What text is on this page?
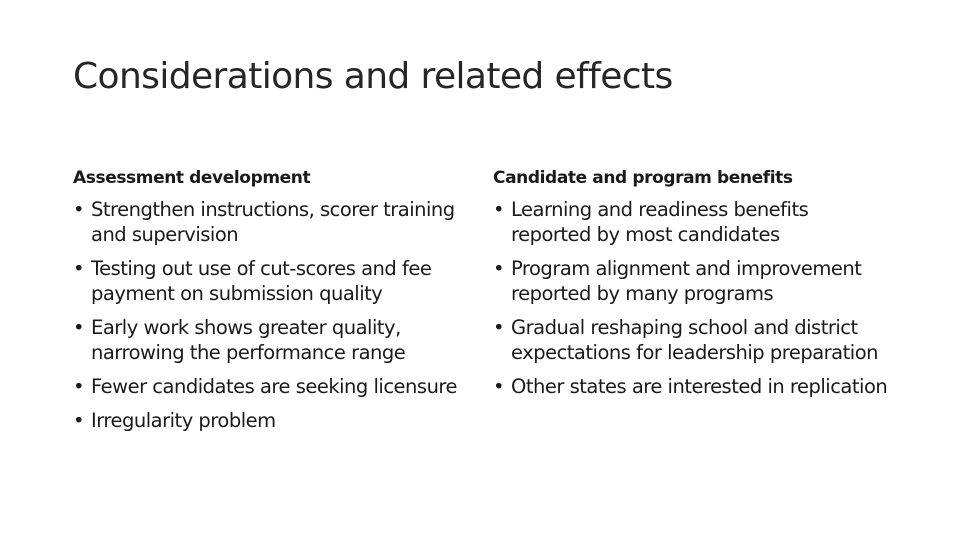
Considerations and related effects
Assessment development
• Strengthen instructions, scorer training and supervision
• Testing out use of cut-scores and fee payment on submission quality
• Early work shows greater quality, narrowing the performance range
• Fewer candidates are seeking licensure
• Irregularity problem
Candidate and program benefits
• Learning and readiness benefits reported by most candidates
• Program alignment and improvement reported by many programs
• Gradual reshaping school and district expectations for leadership preparation
• Other states are interested in replication
